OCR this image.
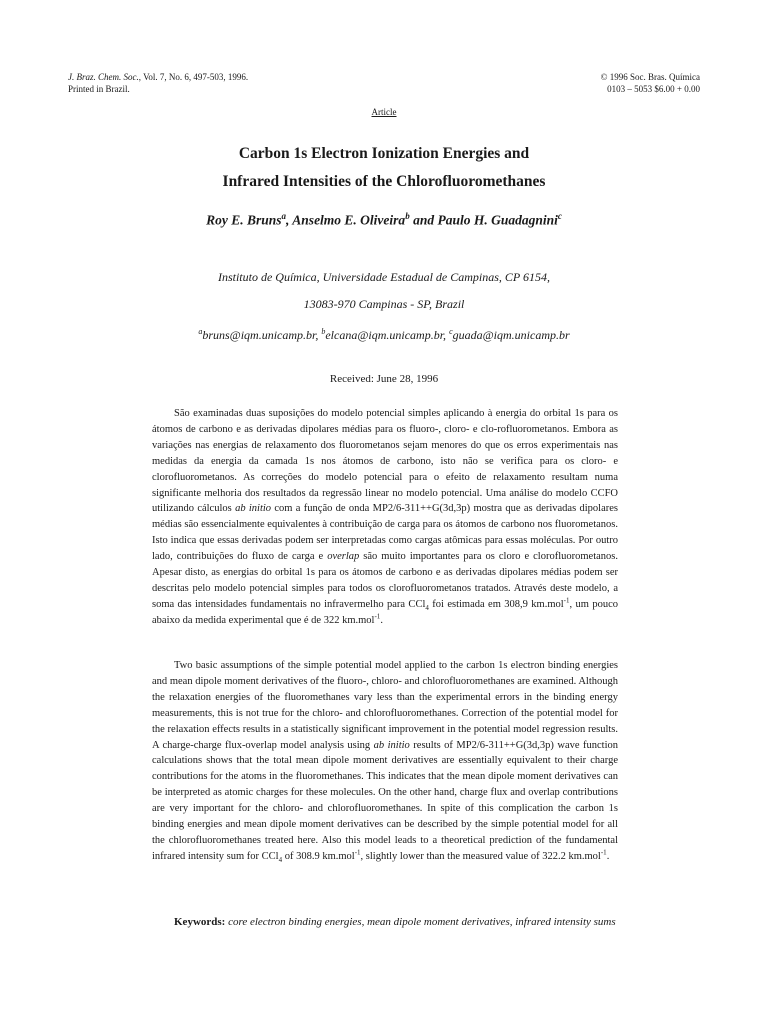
J. Braz. Chem. Soc., Vol. 7, No. 6, 497-503, 1996.
Printed in Brazil.
© 1996 Soc. Bras. Química
0103 – 5053 $6.00 + 0.00
Article
Carbon 1s Electron Ionization Energies and
Infrared Intensities of the Chlorofluoromethanes
Roy E. Bruns$^a$, Anselmo E. Oliveira$^b$ and Paulo H. Guadagnini$^c$
Instituto de Química, Universidade Estadual de Campinas, CP 6154,
13083-970 Campinas - SP, Brazil
$^a$bruns@iqm.unicamp.br, $^b$elcana@iqm.unicamp.br, $^c$guada@iqm.unicamp.br
Received: June 28, 1996

São examinadas duas suposições do modelo potencial simples aplicando à energia do orbital 1s para os átomos de carbono e as derivadas dipolares médias para os fluoro-, cloro- e clo-rofluorometanos. Embora as variações nas energias de relaxamento dos fluorometanos sejam menores do que os erros experimentais nas medidas da energia da camada 1s nos átomos de carbono, isto não se verifica para os cloro- e clorofluorometanos. As correções do modelo potencial para o efeito de relaxamento resultam numa significante melhoria dos resultados da regressão linear no modelo potencial. Uma análise do modelo CCFO utilizando cálculos ab initio com a função de onda MP2/6-311++G(3d,3p) mostra que as derivadas dipolares médias são essencialmente equivalentes à contribuição de carga para os átomos de carbono nos fluorometanos. Isto indica que essas derivadas podem ser interpretadas como cargas atômicas para essas moléculas. Por outro lado, contribuições do fluxo de carga e overlap são muito importantes para os cloro e clorofluorometanos. Apesar disto, as energias do orbital 1s para os átomos de carbono e as derivadas dipolares médias podem ser descritas pelo modelo potencial simples para todos os clorofluorometanos tratados. Através deste modelo, a soma das intensidades fundamentais no infravermelho para CCl$_4$ foi estimada em 308,9 km.mol$^{-1}$, um pouco abaixo da medida experimental que é de 322 km.mol$^{-1}$.

Two basic assumptions of the simple potential model applied to the carbon 1s electron binding energies and mean dipole moment derivatives of the fluoro-, chloro- and chlorofluoromethanes are examined. Although the relaxation energies of the fluoromethanes vary less than the experimental errors in the binding energy measurements, this is not true for the chloro- and chlorofluoromethanes. Correction of the potential model for the relaxation effects results in a statistically significant improvement in the potential model regression results. A charge-charge flux-overlap model analysis using ab initio results of MP2/6-311++G(3d,3p) wave function calculations shows that the total mean dipole moment derivatives are essentially equivalent to their charge contributions for the atoms in the fluoromethanes. This indicates that the mean dipole moment derivatives can be interpreted as atomic charges for these molecules. On the other hand, charge flux and overlap contributions are very important for the chloro- and chlorofluoromethanes. In spite of this complication the carbon 1s binding energies and mean dipole moment derivatives can be described by the simple potential model for all the chlorofluoromethanes treated here. Also this model leads to a theoretical prediction of the fundamental infrared intensity sum for CCl$_4$ of 308.9 km.mol$^{-1}$, slightly lower than the measured value of 322.2 km.mol$^{-1}$.

Keywords: core electron binding energies, mean dipole moment derivatives, infrared intensity sums
